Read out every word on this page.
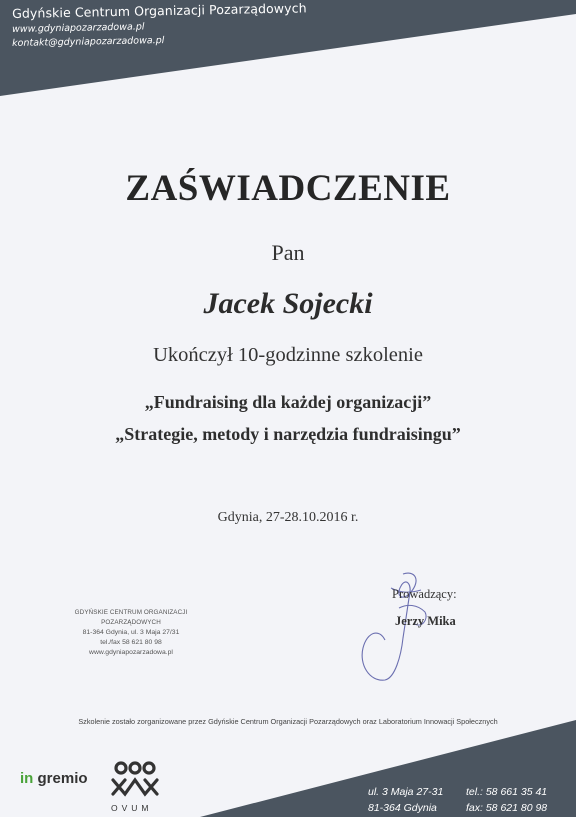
Gdyńskie Centrum Organizacji Pozarządowych
www.gdyniapozarzadowa.pl
kontakt@gdyniapozarzadowa.pl
ZAŚWIADCZENIE
Pan
Jacek Sojecki
Ukończył 10-godzinne szkolenie
„Fundraising dla każdej organizacji”
„Strategie, metody i narzędzia fundraisingu”
Gdynia, 27-28.10.2016 r.
Prowadzący:
Jerzy Mika
GDYŃSKIE CENTRUM ORGANIZACJI POZARZĄDOWYCH
81-364 Gdynia, ul. 3 Maja 27/31
tel./fax 58 621 80 98
www.gdyniapozarzadowa.pl
Szkolenie zostało zorganizowane przez Gdyńskie Centrum Organizacji Pozarządowych oraz Laboratorium Innowacji Społecznych
in gremio
OVUM
ul. 3 Maja 27-31
81-364 Gdynia
tel.: 58 661 35 41
fax: 58 621 80 98
